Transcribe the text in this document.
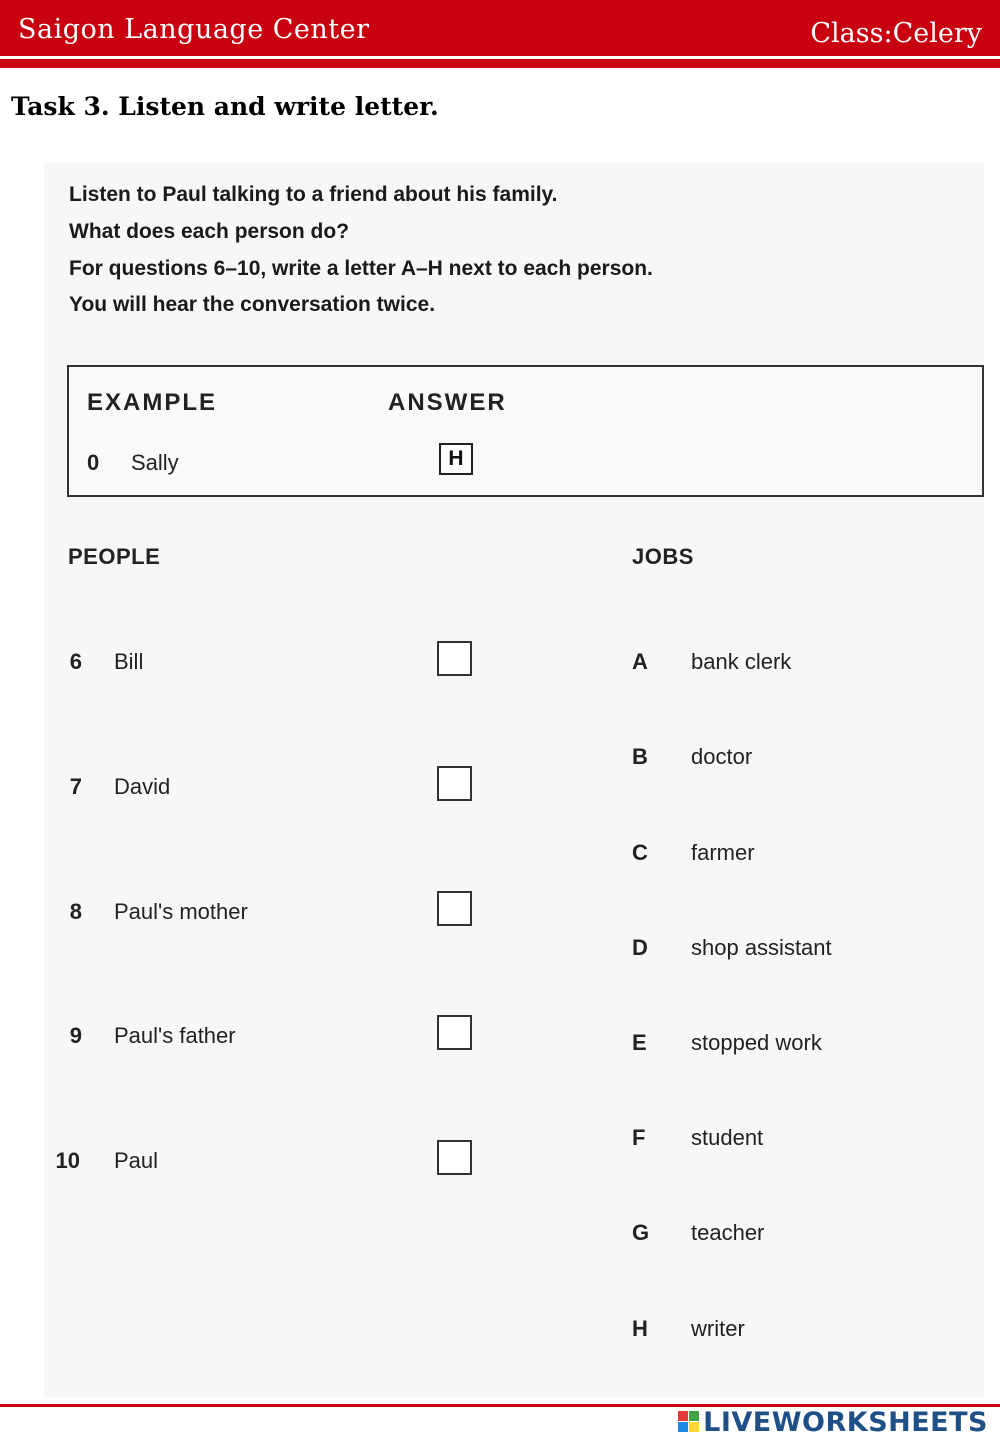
Saigon Language Center	Class:Celery
Task 3. Listen and write letter.
Listen to Paul talking to a friend about his family.
What does each person do?
For questions 6–10, write a letter A–H next to each person.
You will hear the conversation twice.
EXAMPLE	ANSWER
0 Sally	H
PEOPLE	JOBS
6 Bill
7 David
8 Paul's mother
9 Paul's father
10 Paul
A bank clerk
B doctor
C farmer
D shop assistant
E stopped work
F student
G teacher
H writer
LIVEWORKSHEETS
